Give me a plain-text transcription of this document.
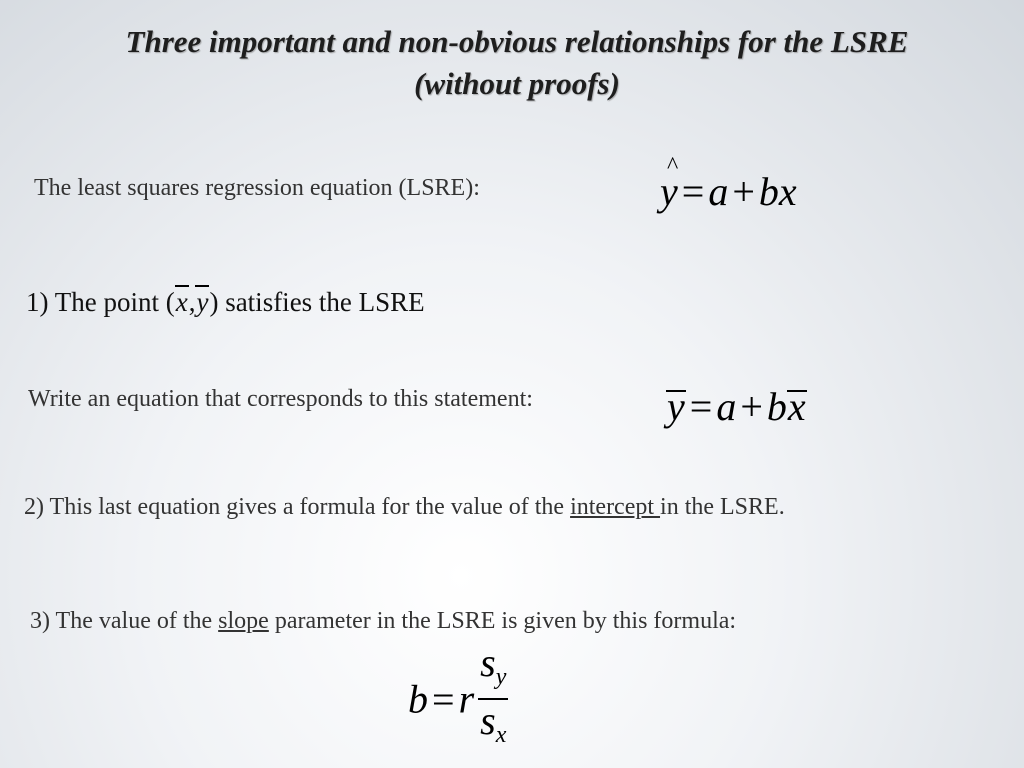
Three important and non-obvious relationships for the LSRE
(without proofs)
The least squares regression equation (LSRE):
^	y = a + bx
1) The point (x,y) satisfies the LSRE
Write an equation that corresponds to this statement:	y = a + bx
2) This last equation gives a formula for the value of the intercept in the LSRE.
3) The value of the slope parameter in the LSRE is given by this formula:
b = r $\frac{s_y}{s_x}$
